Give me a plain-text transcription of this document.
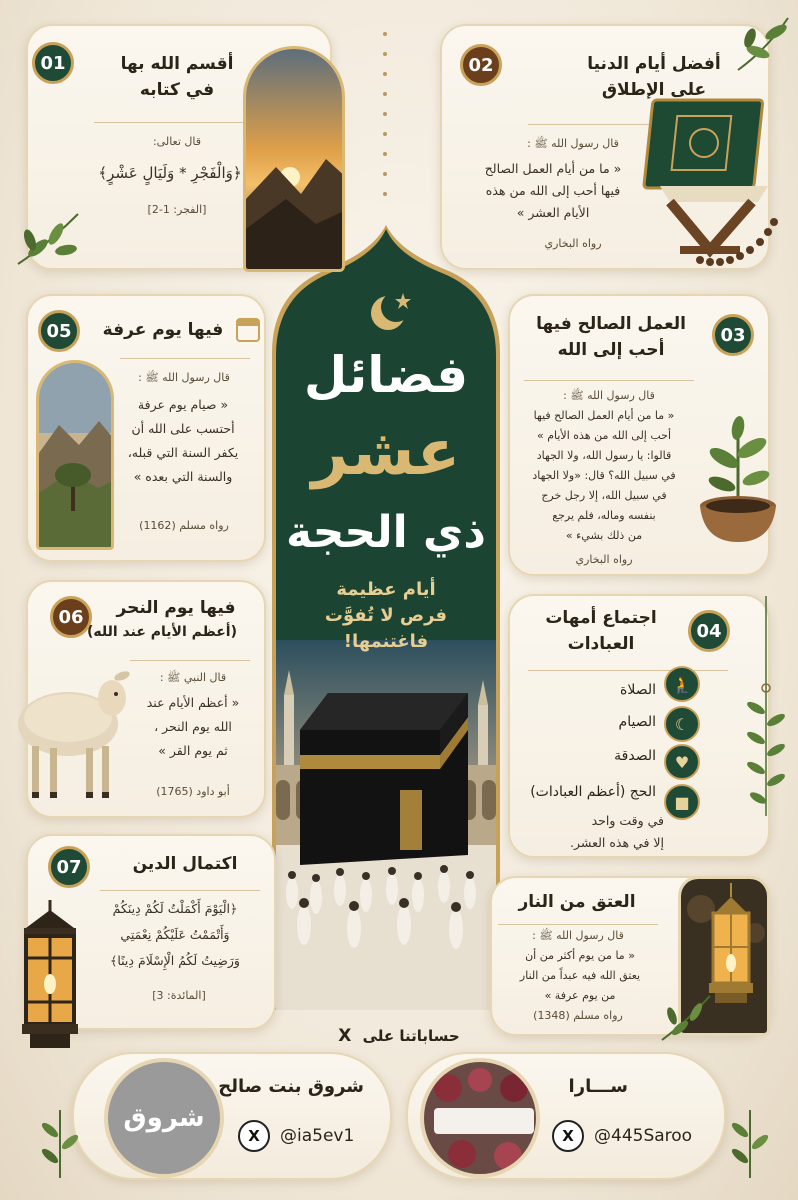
فضائل
عشر
ذي الحجة
أيام عظيمة
فرص لا تُفوَّت
فاغتنمها!
01	أقسم الله بها
في كتابه
قال تعالى:
﴿وَالْفَجْرِ * وَلَيَالٍ عَشْرٍ﴾
[الفجر: 1-2]
02	أفضل أيام الدنيا
على الإطلاق
قال رسول الله ﷺ :
« ما من أيام العمل الصالح
فيها أحب إلى الله من هذه
الأيام العشر »
رواه البخاري
05	فيها يوم عرفة
قال رسول الله ﷺ :
« صيام يوم عرفة
أحتسب على الله أن
يكفر السنة التي قبله،
والسنة التي بعده »
رواه مسلم (1162)
03
العمل الصالح فيها
أحب إلى الله
قال رسول الله ﷺ :
« ما من أيام العمل الصالح فيها
أحب إلى الله من هذه الأيام »
قالوا: يا رسول الله، ولا الجهاد
في سبيل الله؟ قال: «ولا الجهاد
في سبيل الله، إلا رجل خرج
بنفسه وماله، فلم يرجع
من ذلك بشيء »
رواه البخاري
06	فيها يوم النحر
(أعظم الأيام عند الله)
قال النبي ﷺ :
« أعظم الأيام عند
الله يوم النحر ،
ثم يوم القر »
أبو داود (1765)
04
اجتماع أمهات
العبادات
🧎
الصلاة
☾
الصيام
♥
الصدقة
■
الحج (أعظم العبادات)
في وقت واحد
إلا في هذه العشر.
07	اكتمال الدين
﴿الْيَوْمَ أَكْمَلْتُ لَكُمْ دِينَكُمْ
وَأَتْمَمْتُ عَلَيْكُمْ نِعْمَتِي
وَرَضِيتُ لَكُمُ الْإِسْلَامَ دِينًا﴾
[المائدة: 3]
العتق من النار
قال رسول الله ﷺ :
« ما من يوم أكثر من أن
يعتق الله فيه عبداً من النار
من يوم عرفة »
رواه مسلم (1348)
حساباتنا على X
شروق
شروق بنت صالح
X	@ia5ev1
ســـارا
X	@445Saroo
